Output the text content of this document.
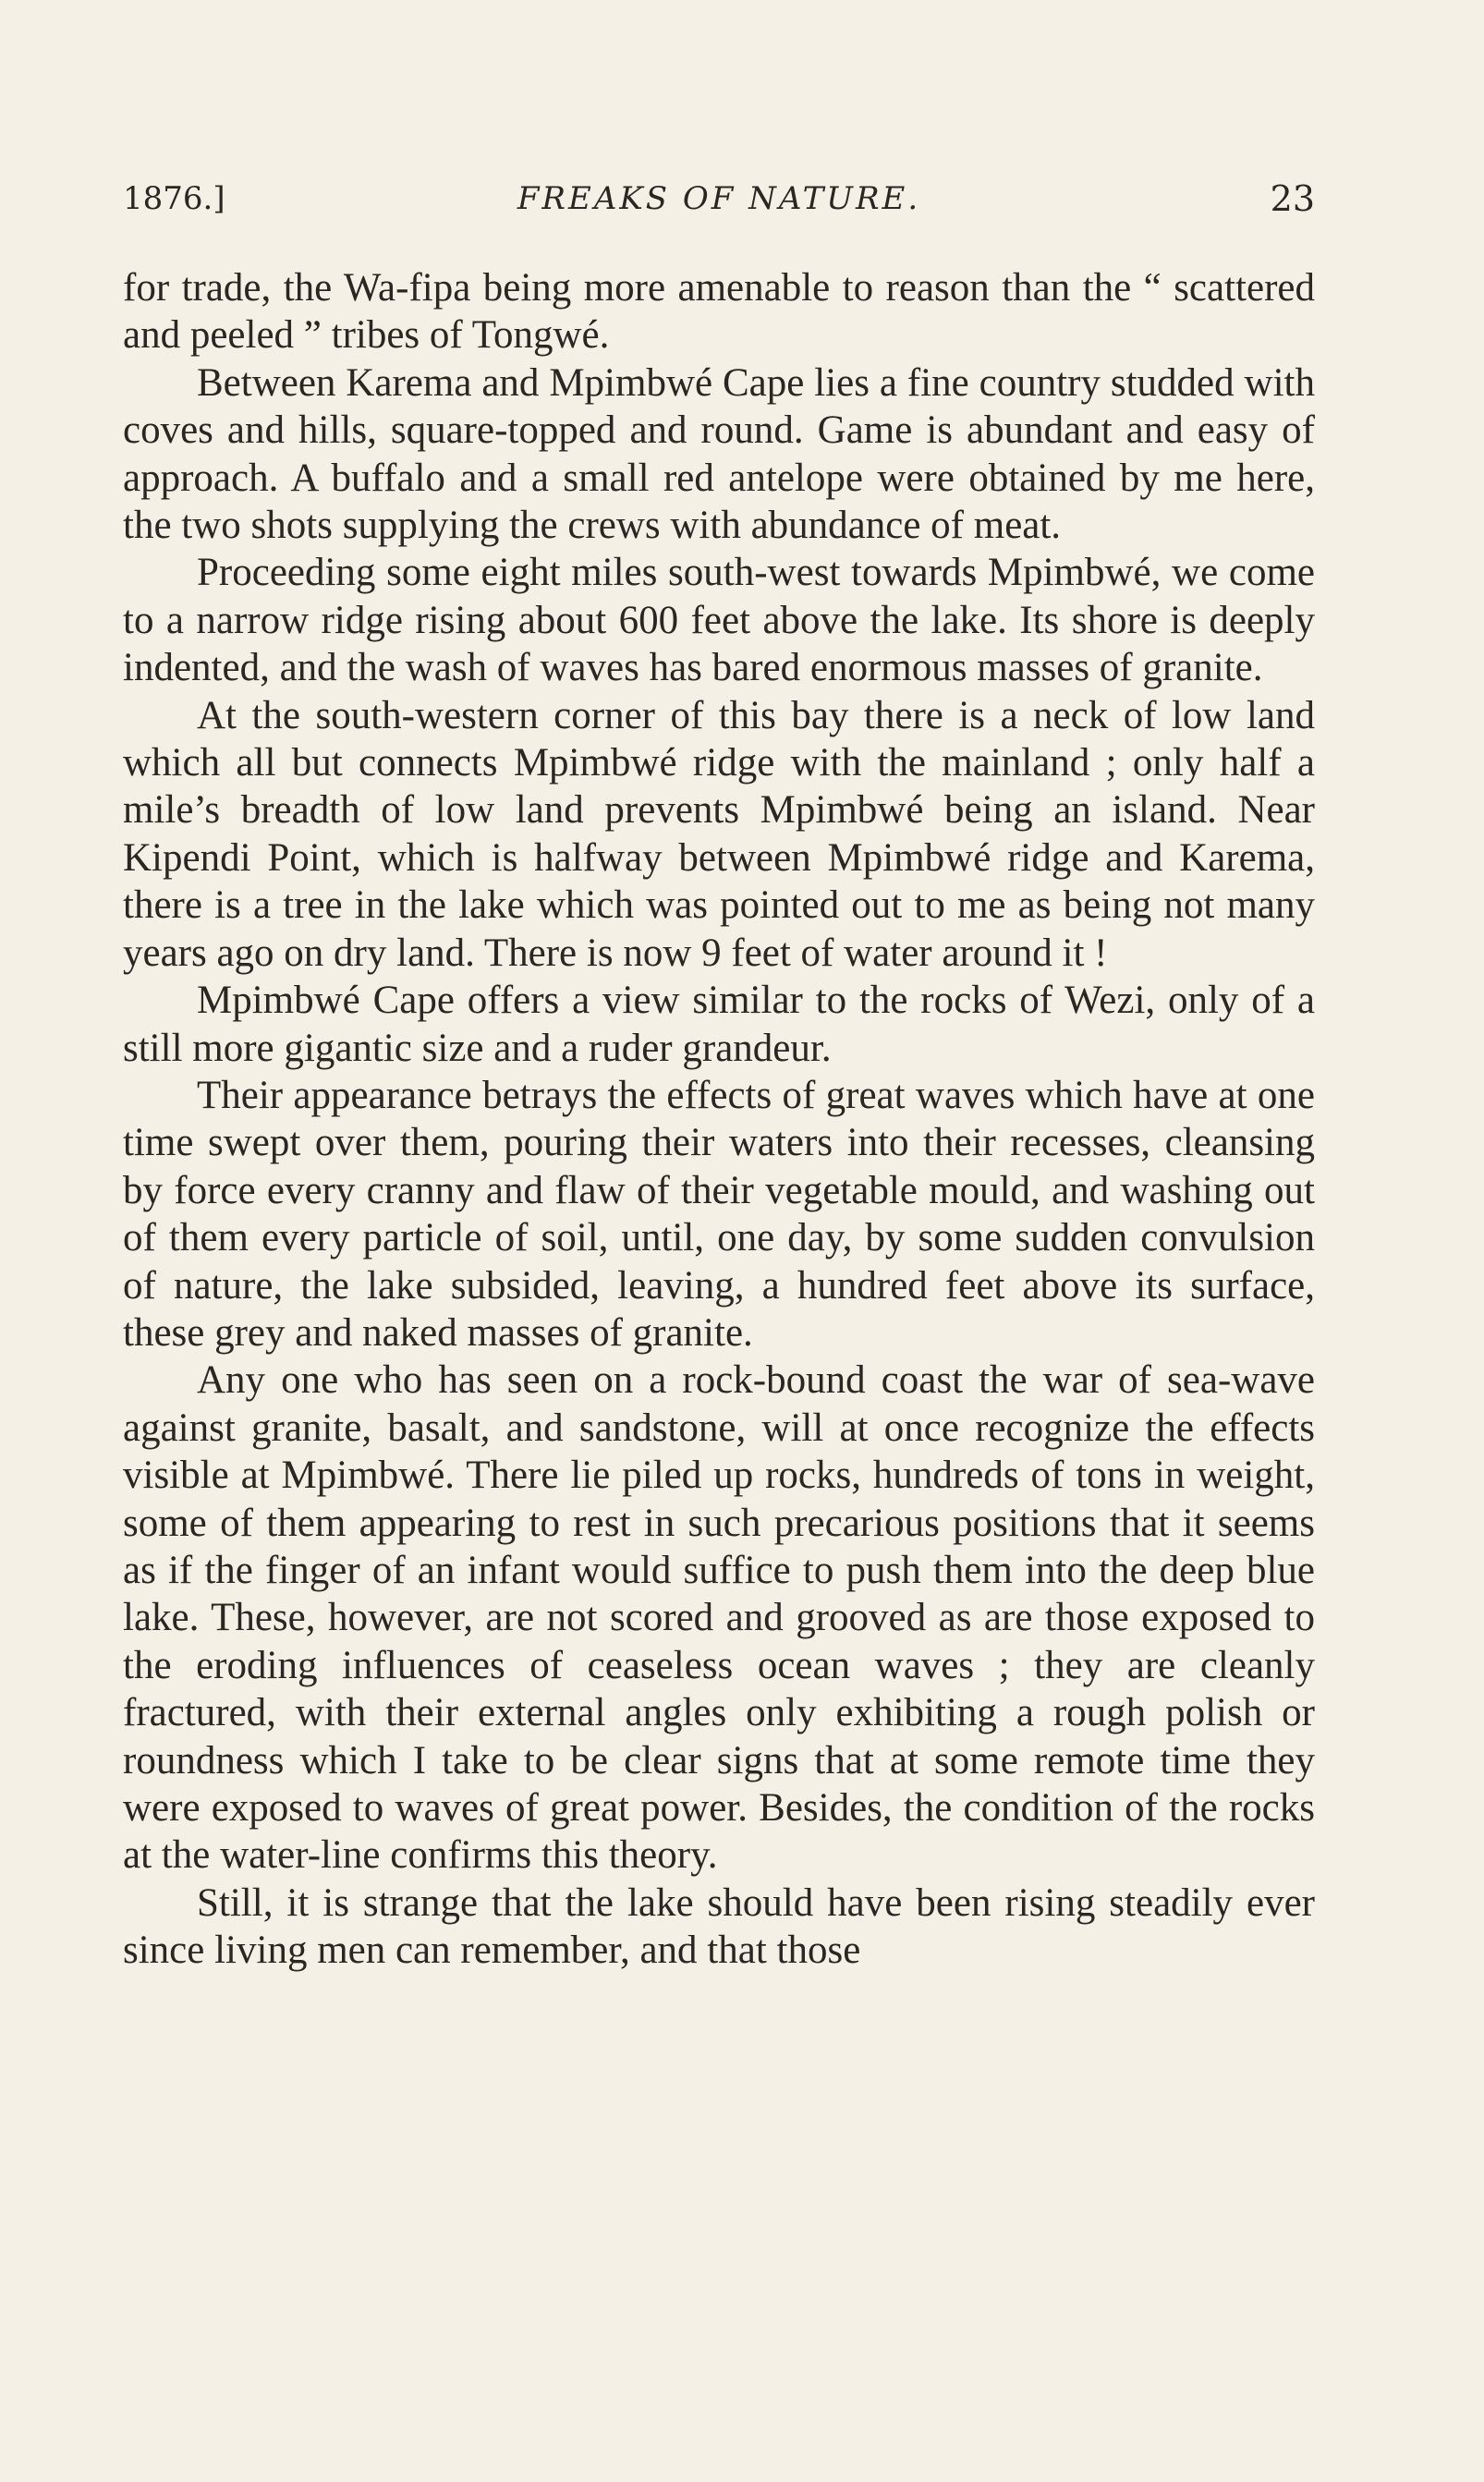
1876.]	FREAKS OF NATURE.	23

for trade, the Wa-fipa being more amenable to reason than the “ scattered and peeled ” tribes of Tongwé.

Between Karema and Mpimbwé Cape lies a fine country studded with coves and hills, square-topped and round. Game is abundant and easy of approach. A buffalo and a small red antelope were obtained by me here, the two shots supplying the crews with abundance of meat.

Proceeding some eight miles south-west towards Mpimbwé, we come to a narrow ridge rising about 600 feet above the lake. Its shore is deeply indented, and the wash of waves has bared enormous masses of granite.

At the south-western corner of this bay there is a neck of low land which all but connects Mpimbwé ridge with the mainland ; only half a mile’s breadth of low land prevents Mpimbwé being an island. Near Kipendi Point, which is halfway between Mpimbwé ridge and Karema, there is a tree in the lake which was pointed out to me as being not many years ago on dry land. There is now 9 feet of water around it !

Mpimbwé Cape offers a view similar to the rocks of Wezi, only of a still more gigantic size and a ruder grandeur.

Their appearance betrays the effects of great waves which have at one time swept over them, pouring their waters into their recesses, cleansing by force every cranny and flaw of their vegetable mould, and washing out of them every particle of soil, until, one day, by some sudden convulsion of nature, the lake subsided, leaving, a hundred feet above its surface, these grey and naked masses of granite.

Any one who has seen on a rock-bound coast the war of sea-wave against granite, basalt, and sandstone, will at once recognize the effects visible at Mpimbwé. There lie piled up rocks, hundreds of tons in weight, some of them appearing to rest in such precarious positions that it seems as if the finger of an infant would suffice to push them into the deep blue lake. These, however, are not scored and grooved as are those exposed to the eroding influences of ceaseless ocean waves ; they are cleanly fractured, with their external angles only exhibiting a rough polish or roundness which I take to be clear signs that at some remote time they were exposed to waves of great power. Besides, the condition of the rocks at the water-line confirms this theory.

Still, it is strange that the lake should have been rising steadily ever since living men can remember, and that those
